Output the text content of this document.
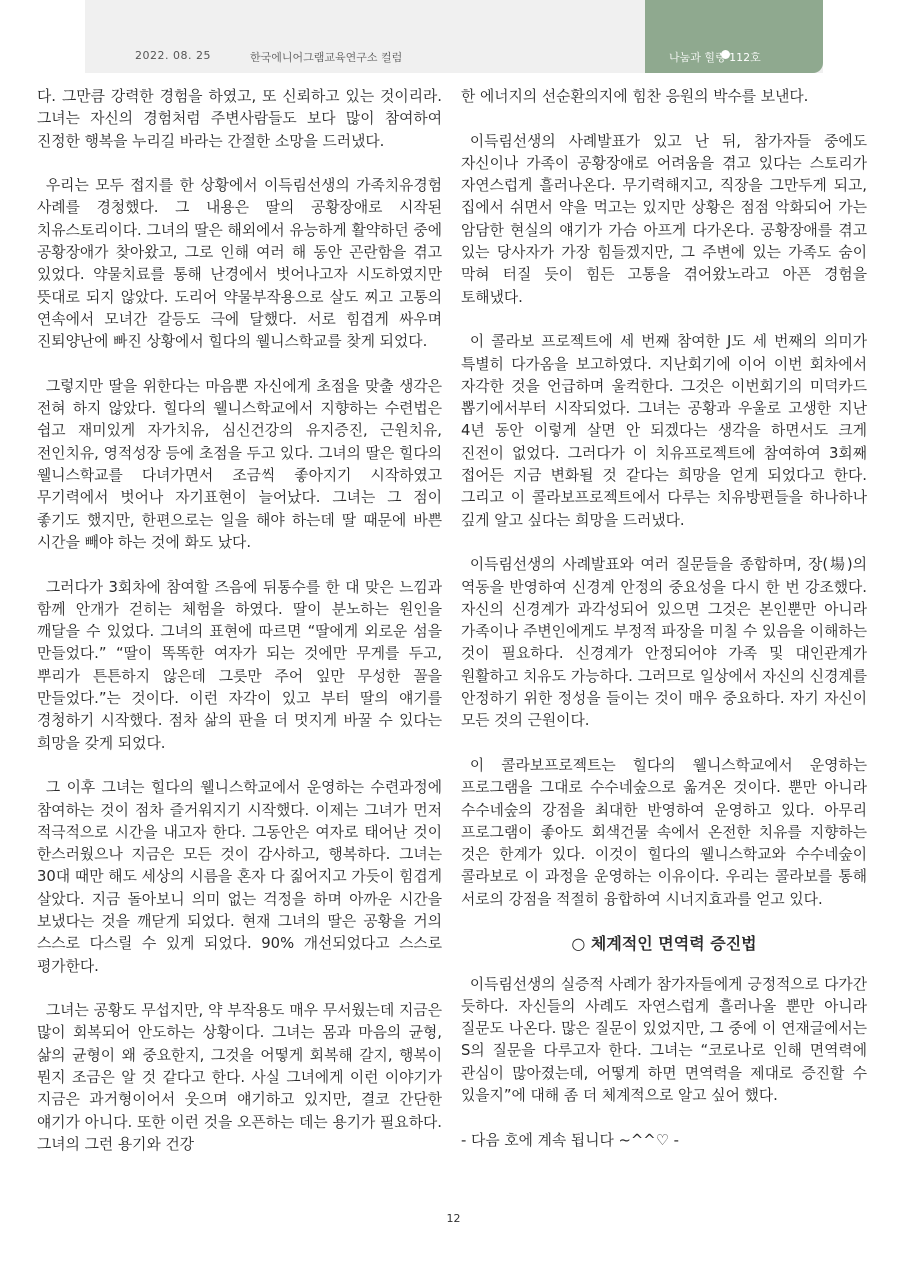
2022. 08. 25	한국에니어그램교육연구소 컬럼	나눔과 힐링 112호

다. 그만큼 강력한 경험을 하였고, 또 신뢰하고 있는 것이리라. 그녀는 자신의 경험처럼 주변사람들도 보다 많이 참여하여 진정한 행복을 누리길 바라는 간절한 소망을 드러냈다.

우리는 모두 접지를 한 상황에서 이득림선생의 가족치유경험 사례를 경청했다. 그 내용은 딸의 공황장애로 시작된 치유스토리이다. 그녀의 딸은 해외에서 유능하게 활약하던 중에 공황장애가 찾아왔고, 그로 인해 여러 해 동안 곤란함을 겪고 있었다. 약물치료를 통해 난경에서 벗어나고자 시도하였지만 뜻대로 되지 않았다. 도리어 약물부작용으로 살도 찌고 고통의 연속에서 모녀간 갈등도 극에 달했다. 서로 힘겹게 싸우며 진퇴양난에 빠진 상황에서 힐다의 웰니스학교를 찾게 되었다.

그렇지만 딸을 위한다는 마음뿐 자신에게 초점을 맞출 생각은 전혀 하지 않았다. 힐다의 웰니스학교에서 지향하는 수련법은 쉽고 재미있게 자가치유, 심신건강의 유지증진, 근원치유, 전인치유, 영적성장 등에 초점을 두고 있다. 그녀의 딸은 힐다의 웰니스학교를 다녀가면서 조금씩 좋아지기 시작하였고 무기력에서 벗어나 자기표현이 늘어났다. 그녀는 그 점이 좋기도 했지만, 한편으로는 일을 해야 하는데 딸 때문에 바쁜 시간을 빼야 하는 것에 화도 났다.

그러다가 3회차에 참여할 즈음에 뒤통수를 한 대 맞은 느낌과 함께 안개가 걷히는 체험을 하였다. 딸이 분노하는 원인을 깨달을 수 있었다. 그녀의 표현에 따르면 “딸에게 외로운 섬을 만들었다.” “딸이 똑똑한 여자가 되는 것에만 무게를 두고, 뿌리가 튼튼하지 않은데 그릇만 주어 잎만 무성한 꼴을 만들었다.”는 것이다. 이런 자각이 있고 부터 딸의 얘기를 경청하기 시작했다. 점차 삶의 판을 더 멋지게 바꿀 수 있다는 희망을 갖게 되었다.

그 이후 그녀는 힐다의 웰니스학교에서 운영하는 수련과정에 참여하는 것이 점차 즐거워지기 시작했다. 이제는 그녀가 먼저 적극적으로 시간을 내고자 한다. 그동안은 여자로 태어난 것이 한스러웠으나 지금은 모든 것이 감사하고, 행복하다. 그녀는 30대 때만 해도 세상의 시름을 혼자 다 짊어지고 가듯이 힘겹게 살았다. 지금 돌아보니 의미 없는 걱정을 하며 아까운 시간을 보냈다는 것을 깨닫게 되었다. 현재 그녀의 딸은 공황을 거의 스스로 다스릴 수 있게 되었다. 90% 개선되었다고 스스로 평가한다.

그녀는 공황도 무섭지만, 약 부작용도 매우 무서웠는데 지금은 많이 회복되어 안도하는 상황이다. 그녀는 몸과 마음의 균형, 삶의 균형이 왜 중요한지, 그것을 어떻게 회복해 갈지, 행복이 뭔지 조금은 알 것 같다고 한다. 사실 그녀에게 이런 이야기가 지금은 과거형이어서 웃으며 얘기하고 있지만, 결코 간단한 얘기가 아니다. 또한 이런 것을 오픈하는 데는 용기가 필요하다. 그녀의 그런 용기와 건강

한 에너지의 선순환의지에 힘찬 응원의 박수를 보낸다.

이득림선생의 사례발표가 있고 난 뒤, 참가자들 중에도 자신이나 가족이 공황장애로 어려움을 겪고 있다는 스토리가 자연스럽게 흘러나온다. 무기력해지고, 직장을 그만두게 되고, 집에서 쉬면서 약을 먹고는 있지만 상황은 점점 악화되어 가는 암담한 현실의 얘기가 가슴 아프게 다가온다. 공황장애를 겪고 있는 당사자가 가장 힘들겠지만, 그 주변에 있는 가족도 숨이 막혀 터질 듯이 힘든 고통을 겪어왔노라고 아픈 경험을 토해냈다.

이 콜라보 프로젝트에 세 번째 참여한 J도 세 번째의 의미가 특별히 다가옴을 보고하였다. 지난회기에 이어 이번 회차에서 자각한 것을 언급하며 울컥한다. 그것은 이번회기의 미덕카드 뽑기에서부터 시작되었다. 그녀는 공황과 우울로 고생한 지난 4년 동안 이렇게 살면 안 되겠다는 생각을 하면서도 크게 진전이 없었다. 그러다가 이 치유프로젝트에 참여하여 3회째 접어든 지금 변화될 것 같다는 희망을 얻게 되었다고 한다. 그리고 이 콜라보프로젝트에서 다루는 치유방편들을 하나하나 깊게 알고 싶다는 희망을 드러냈다.

이득림선생의 사례발표와 여러 질문들을 종합하며, 장(場)의 역동을 반영하여 신경계 안정의 중요성을 다시 한 번 강조했다. 자신의 신경계가 과각성되어 있으면 그것은 본인뿐만 아니라 가족이나 주변인에게도 부정적 파장을 미칠 수 있음을 이해하는 것이 필요하다. 신경계가 안정되어야 가족 및 대인관계가 원활하고 치유도 가능하다. 그러므로 일상에서 자신의 신경계를 안정하기 위한 정성을 들이는 것이 매우 중요하다. 자기 자신이 모든 것의 근원이다.

이 콜라보프로젝트는 힐다의 웰니스학교에서 운영하는 프로그램을 그대로 수수네숲으로 옮겨온 것이다. 뿐만 아니라 수수네숲의 강점을 최대한 반영하여 운영하고 있다. 아무리 프로그램이 좋아도 회색건물 속에서 온전한 치유를 지향하는 것은 한계가 있다. 이것이 힐다의 웰니스학교와 수수네숲이 콜라보로 이 과정을 운영하는 이유이다. 우리는 콜라보를 통해 서로의 강점을 적절히 융합하여 시너지효과를 얻고 있다.

○ 체계적인 면역력 증진법

이득림선생의 실증적 사례가 참가자들에게 긍정적으로 다가간 듯하다. 자신들의 사례도 자연스럽게 흘러나올 뿐만 아니라 질문도 나온다. 많은 질문이 있었지만, 그 중에 이 연재글에서는 S의 질문을 다루고자 한다. 그녀는 “코로나로 인해 면역력에 관심이 많아졌는데, 어떻게 하면 면역력을 제대로 증진할 수 있을지”에 대해 좀 더 체계적으로 알고 싶어 했다.

- 다음 호에 계속 됩니다 ~^^♡ -

12
